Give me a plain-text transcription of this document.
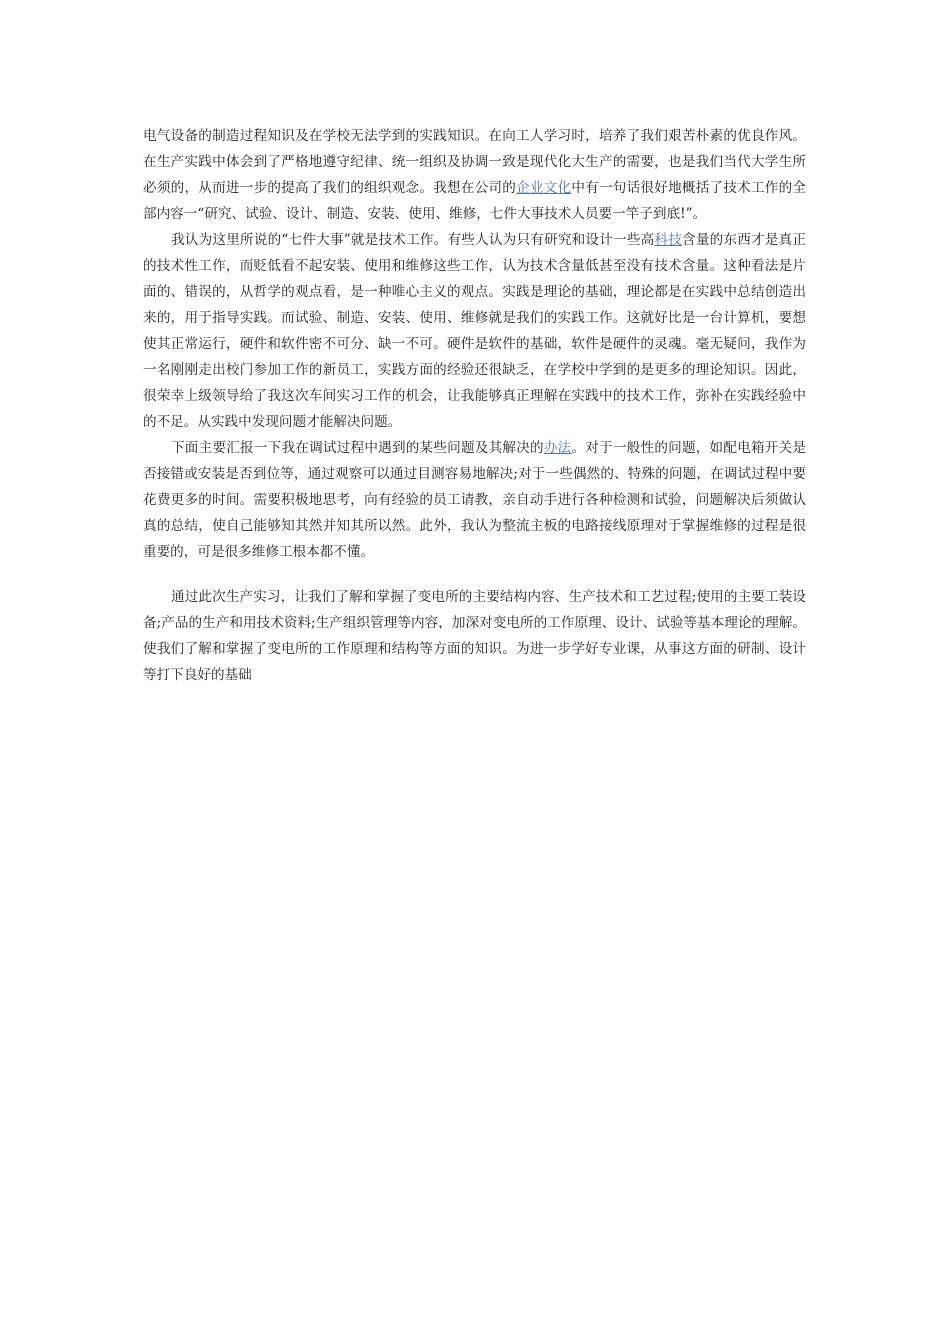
电气设备的制造过程知识及在学校无法学到的实践知识。在向工人学习时，培养了我们艰苦朴素的优良作风。在生产实践中体会到了严格地遵守纪律、统一组织及协调一致是现代化大生产的需要，也是我们当代大学生所必须的，从而进一步的提高了我们的组织观念。我想在公司的企业文化中有一句话很好地概括了技术工作的全部内容一“研究、试验、设计、制造、安装、使用、维修，七件大事技术人员要一竿子到底!”。

我认为这里所说的“七件大事”就是技术工作。有些人认为只有研究和设计一些高科技含量的东西才是真正的技术性工作，而贬低看不起安装、使用和维修这些工作，认为技术含量低甚至没有技术含量。这种看法是片面的、错误的，从哲学的观点看，是一种唯心主义的观点。实践是理论的基础，理论都是在实践中总结创造出来的，用于指导实践。而试验、制造、安装、使用、维修就是我们的实践工作。这就好比是一台计算机，要想使其正常运行，硬件和软件密不可分、缺一不可。硬件是软件的基础，软件是硬件的灵魂。毫无疑问，我作为一名刚刚走出校门参加工作的新员工，实践方面的经验还很缺乏，在学校中学到的是更多的理论知识。因此，很荣幸上级领导给了我这次车间实习工作的机会，让我能够真正理解在实践中的技术工作，弥补在实践经验中的不足。从实践中发现问题才能解决问题。

下面主要汇报一下我在调试过程中遇到的某些问题及其解决的办法。对于一般性的问题，如配电箱开关是否接错或安装是否到位等，通过观察可以通过目测容易地解决;对于一些偶然的、特殊的问题，在调试过程中要花费更多的时间。需要积极地思考，向有经验的员工请教，亲自动手进行各种检测和试验，问题解决后须做认真的总结，使自己能够知其然并知其所以然。此外，我认为整流主板的电路接线原理对于掌握维修的过程是很重要的，可是很多维修工根本都不懂。

通过此次生产实习，让我们了解和掌握了变电所的主要结构内容、生产技术和工艺过程;使用的主要工装设备;产品的生产和用技术资料;生产组织管理等内容，加深对变电所的工作原理、设计、试验等基本理论的理解。使我们了解和掌握了变电所的工作原理和结构等方面的知识。为进一步学好专业课，从事这方面的研制、设计等打下良好的基础
